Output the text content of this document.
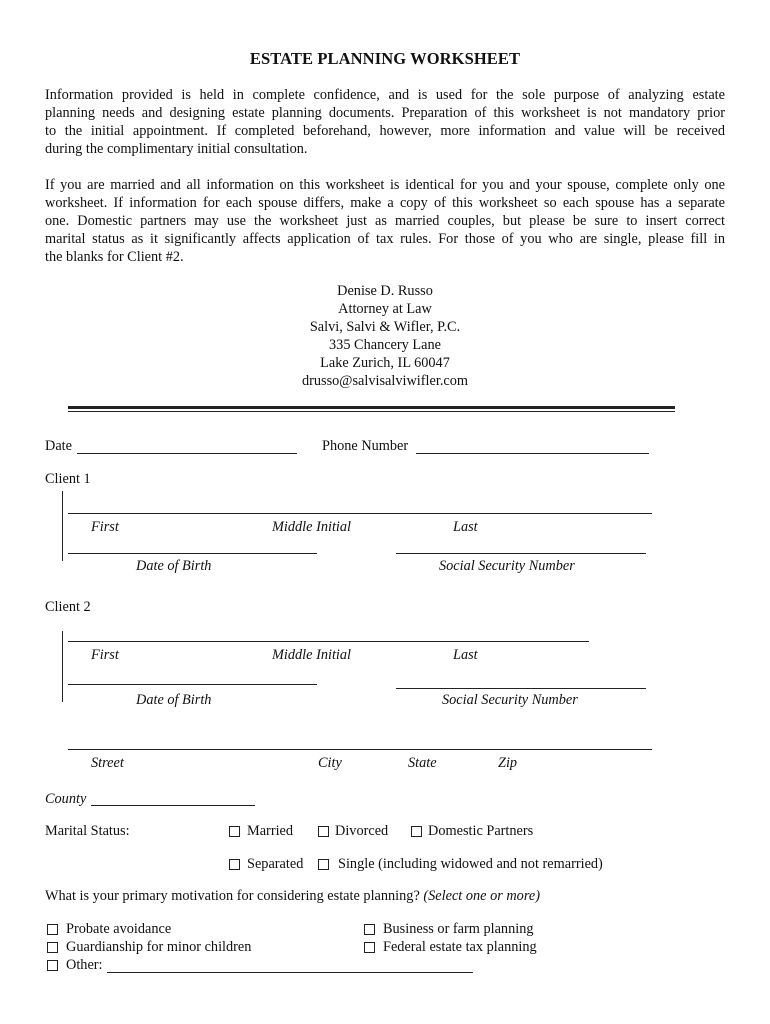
ESTATE PLANNING WORKSHEET
Information provided is held in complete confidence, and is used for the sole purpose of analyzing estate
planning needs and designing estate planning documents. Preparation of this worksheet is not mandatory prior
to the initial appointment. If completed beforehand, however, more information and value will be received
during the complimentary initial consultation.
If you are married and all information on this worksheet is identical for you and your spouse, complete only one
worksheet. If information for each spouse differs, make a copy of this worksheet so each spouse has a separate
one. Domestic partners may use the worksheet just as married couples, but please be sure to insert correct
marital status as it significantly affects application of tax rules. For those of you who are single, please fill in
the blanks for Client #2.
Denise D. Russo
Attorney at Law
Salvi, Salvi & Wifler, P.C.
335 Chancery Lane
Lake Zurich, IL 60047
drusso@salvisalviwifler.com
Date	Phone Number
Client 1
First	Middle Initial	Last
Date of Birth	Social Security Number
Client 2
First	Middle Initial	Last
Date of Birth	Social Security Number
Street	City	State	Zip
County
Marital Status:	Married	Divorced	Domestic Partners
Separated Single (including widowed and not remarried)
What is your primary motivation for considering estate planning? (Select one or more)
Probate avoidance
Guardianship for minor children
Other:
Business or farm planning
Federal estate tax planning
